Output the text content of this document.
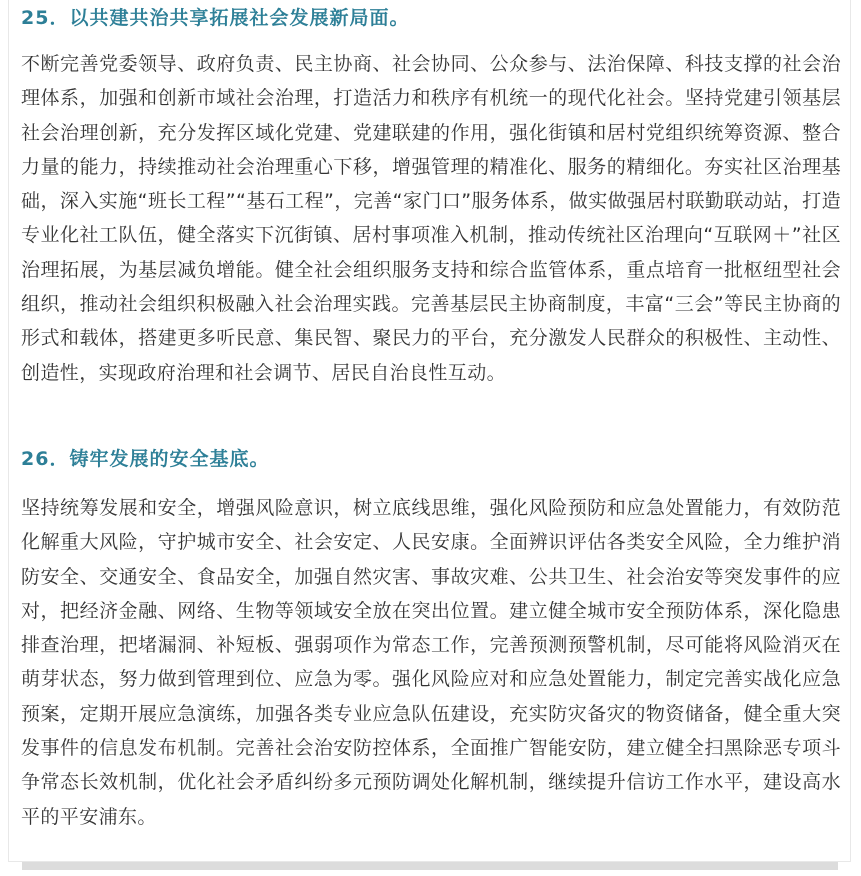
25．以共建共治共享拓展社会发展新局面。
不断完善党委领导、政府负责、民主协商、社会协同、公众参与、法治保障、科技支撑的社会治理体系，加强和创新市域社会治理，打造活力和秩序有机统一的现代化社会。坚持党建引领基层社会治理创新，充分发挥区域化党建、党建联建的作用，强化街镇和居村党组织统筹资源、整合力量的能力，持续推动社会治理重心下移，增强管理的精准化、服务的精细化。夯实社区治理基础，深入实施“班长工程”“基石工程”，完善“家门口”服务体系，做实做强居村联勤联动站，打造专业化社工队伍，健全落实下沉街镇、居村事项准入机制，推动传统社区治理向“互联网＋”社区治理拓展，为基层减负增能。健全社会组织服务支持和综合监管体系，重点培育一批枢纽型社会组织，推动社会组织积极融入社会治理实践。完善基层民主协商制度，丰富“三会”等民主协商的形式和载体，搭建更多听民意、集民智、聚民力的平台，充分激发人民群众的积极性、主动性、创造性，实现政府治理和社会调节、居民自治良性互动。
26．铸牢发展的安全基底。
坚持统筹发展和安全，增强风险意识，树立底线思维，强化风险预防和应急处置能力，有效防范化解重大风险，守护城市安全、社会安定、人民安康。全面辨识评估各类安全风险，全力维护消防安全、交通安全、食品安全，加强自然灾害、事故灾难、公共卫生、社会治安等突发事件的应对，把经济金融、网络、生物等领域安全放在突出位置。建立健全城市安全预防体系，深化隐患排查治理，把堵漏洞、补短板、强弱项作为常态工作，完善预测预警机制，尽可能将风险消灭在萌芽状态，努力做到管理到位、应急为零。强化风险应对和应急处置能力，制定完善实战化应急预案，定期开展应急演练，加强各类专业应急队伍建设，充实防灾备灾的物资储备，健全重大突发事件的信息发布机制。完善社会治安防控体系，全面推广智能安防，建立健全扫黑除恶专项斗争常态长效机制，优化社会矛盾纠纷多元预防调处化解机制，继续提升信访工作水平，建设高水平的平安浦东。
